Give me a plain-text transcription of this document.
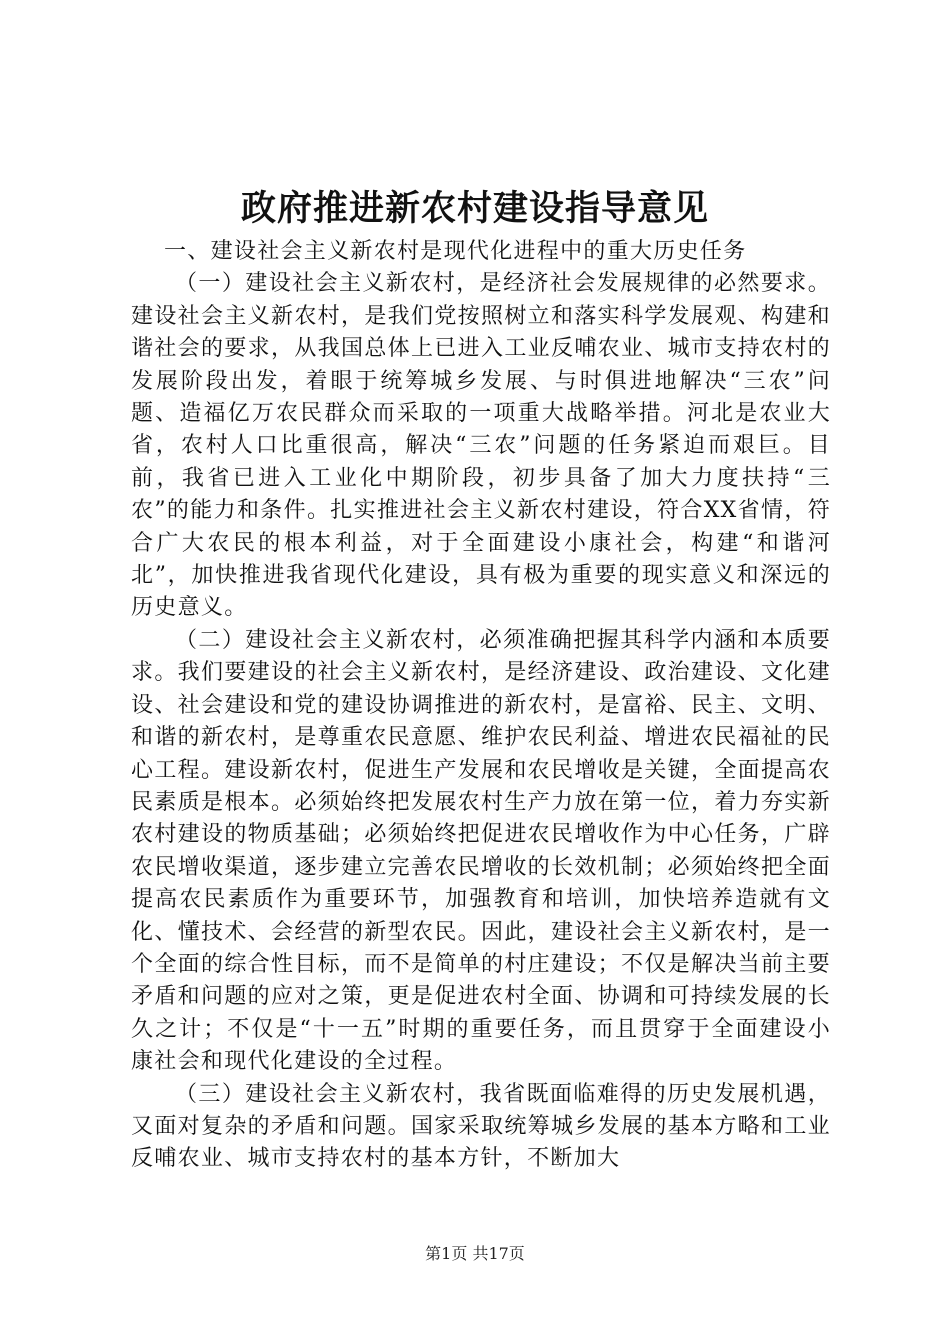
政府推进新农村建设指导意见

一、建设社会主义新农村是现代化进程中的重大历史任务

（一）建设社会主义新农村，是经济社会发展规律的必然要求。建设社会主义新农村，是我们党按照树立和落实科学发展观、构建和谐社会的要求，从我国总体上已进入工业反哺农业、城市支持农村的发展阶段出发，着眼于统筹城乡发展、与时俱进地解决“三农”问题、造福亿万农民群众而采取的一项重大战略举措。河北是农业大省，农村人口比重很高，解决“三农”问题的任务紧迫而艰巨。目前，我省已进入工业化中期阶段，初步具备了加大力度扶持“三农”的能力和条件。扎实推进社会主义新农村建设，符合XX省情，符合广大农民的根本利益，对于全面建设小康社会，构建“和谐河北”，加快推进我省现代化建设，具有极为重要的现实意义和深远的历史意义。

（二）建设社会主义新农村，必须准确把握其科学内涵和本质要求。我们要建设的社会主义新农村，是经济建设、政治建设、文化建设、社会建设和党的建设协调推进的新农村，是富裕、民主、文明、和谐的新农村，是尊重农民意愿、维护农民利益、增进农民福祉的民心工程。建设新农村，促进生产发展和农民增收是关键，全面提高农民素质是根本。必须始终把发展农村生产力放在第一位，着力夯实新农村建设的物质基础；必须始终把促进农民增收作为中心任务，广辟农民增收渠道，逐步建立完善农民增收的长效机制；必须始终把全面提高农民素质作为重要环节，加强教育和培训，加快培养造就有文化、懂技术、会经营的新型农民。因此，建设社会主义新农村，是一个全面的综合性目标，而不是简单的村庄建设；不仅是解决当前主要矛盾和问题的应对之策，更是促进农村全面、协调和可持续发展的长久之计；不仅是“十一五”时期的重要任务，而且贯穿于全面建设小康社会和现代化建设的全过程。

（三）建设社会主义新农村，我省既面临难得的历史发展机遇，又面对复杂的矛盾和问题。国家采取统筹城乡发展的基本方略和工业反哺农业、城市支持农村的基本方针，不断加大

第1页 共17页
